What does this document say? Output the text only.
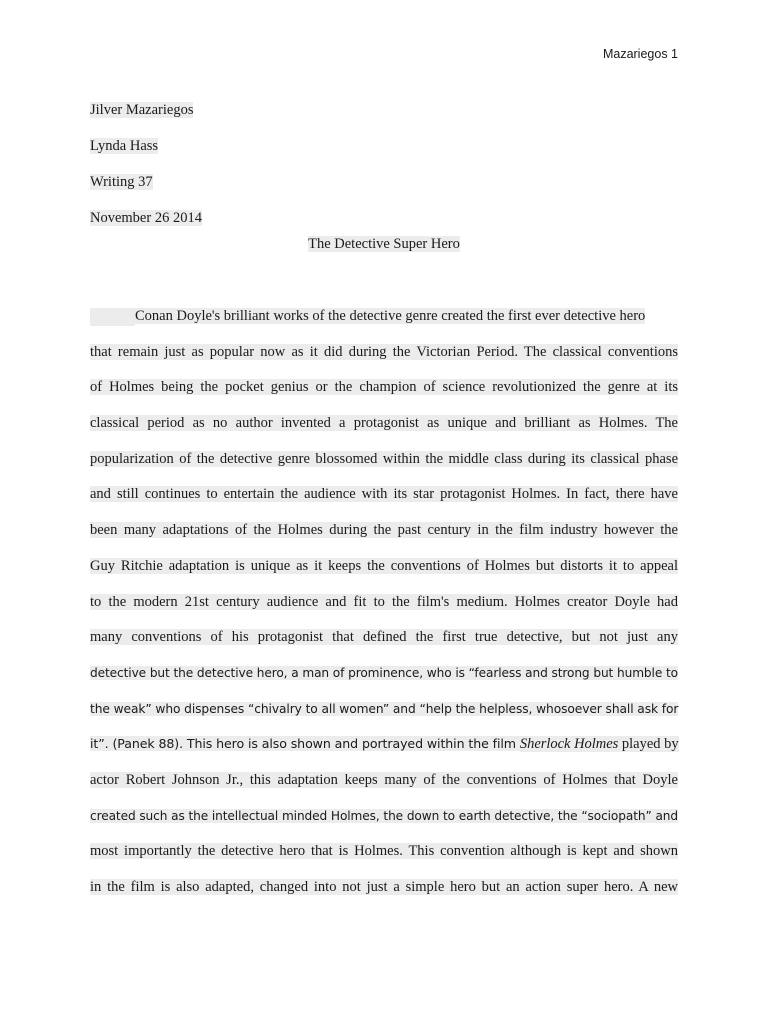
Mazariegos 1
Jilver Mazariegos
Lynda Hass
Writing 37
November 26 2014
The Detective Super Hero
Conan Doyle's brilliant works of the detective genre created the first ever detective hero
that remain just as popular now as it did during the Victorian Period. The classical conventions
of Holmes being the pocket genius or the champion of science revolutionized the genre at its
classical period as no author invented a protagonist as unique and brilliant as Holmes. The
popularization of the detective genre blossomed within the middle class during its classical phase
and still continues to entertain the audience with its star protagonist Holmes. In fact, there have
been many adaptations of the Holmes during the past century in the film industry however the
Guy Ritchie adaptation is unique as it keeps the conventions of Holmes but distorts it to appeal
to the modern 21st century audience and fit to the film's medium. Holmes creator Doyle had
many conventions of his protagonist that defined the first true detective, but not just any
detective but the detective hero, a man of prominence, who is “fearless and strong but humble to
the weak” who dispenses “chivalry to all women” and “help the helpless, whosoever shall ask for
it”. (Panek 88). This hero is also shown and portrayed within the film Sherlock Holmes played by
actor Robert Johnson Jr., this adaptation keeps many of the conventions of Holmes that Doyle
created such as the intellectual minded Holmes, the down to earth detective, the “sociopath” and
most importantly the detective hero that is Holmes. This convention although is kept and shown
in the film is also adapted, changed into not just a simple hero but an action super hero. A new
